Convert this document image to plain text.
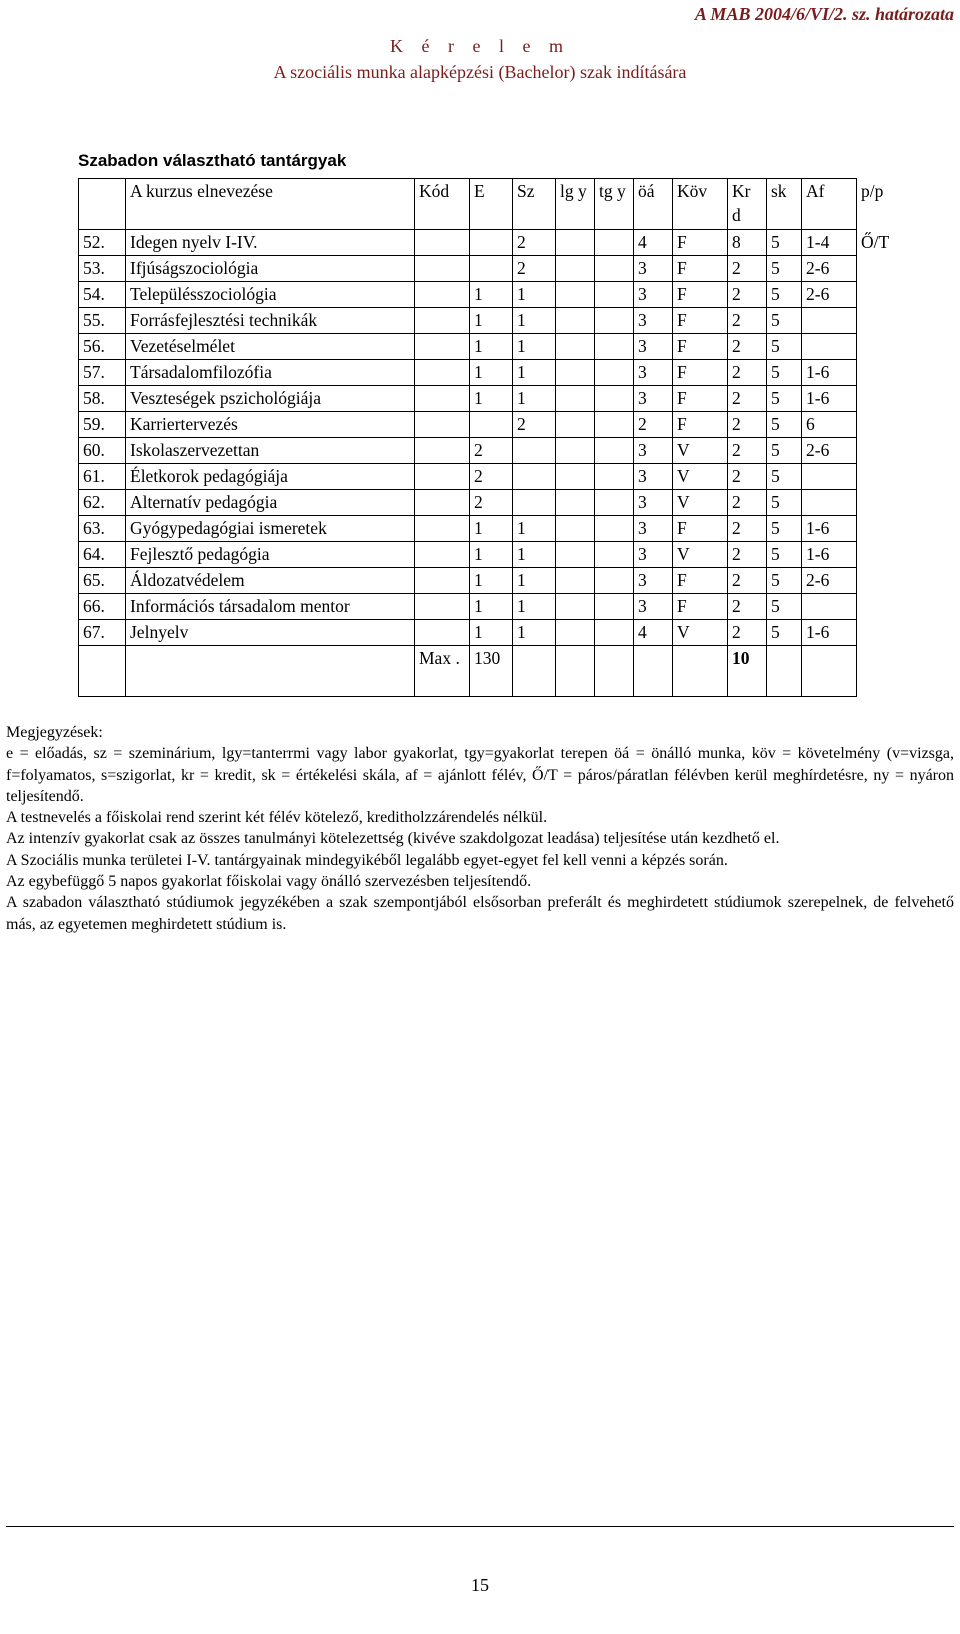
A MAB 2004/6/VI/2. sz. határozata
K é r e l e m
A szociális munka alapképzési (Bachelor) szak indítására
Szabadon választható tantárgyak
	A kurzus elnevezése	Kód	E	Sz	lg y	tg y	öá	Köv	Kr d	sk	Af	p/p
52.	Idegen nyelv I-IV.			2			4	F	8	5	1-4	Ő/T
53.	Ifjúságszociológia			2			3	F	2	5	2-6	
54.	Településszociológia		1	1			3	F	2	5	2-6	
55.	Forrásfejlesztési technikák		1	1			3	F	2	5		
56.	Vezetéselmélet		1	1			3	F	2	5		
57.	Társadalomfilozófia		1	1			3	F	2	5	1-6	
58.	Veszteségek pszichológiája		1	1			3	F	2	5	1-6	
59.	Karriertervezés			2			2	F	2	5	6	
60.	Iskolaszervezettan		2				3	V	2	5	2-6	
61.	Életkorok pedagógiája		2				3	V	2	5		
62.	Alternatív pedagógia		2				3	V	2	5		
63.	Gyógypedagógiai ismeretek		1	1			3	F	2	5	1-6	
64.	Fejlesztő pedagógia		1	1			3	V	2	5	1-6	
65.	Áldozatvédelem		1	1			3	F	2	5	2-6	
66.	Információs társadalom mentor		1	1			3	F	2	5		
67.	Jelnyelv		1	1			4	V	2	5	1-6	
		Max .	130						10			

Megjegyzések:

e = előadás, sz = szeminárium, lgy=tanterrmi vagy labor gyakorlat, tgy=gyakorlat terepen öá = önálló munka, köv = követelmény (v=vizsga, f=folyamatos, s=szigorlat, kr = kredit, sk = értékelési skála, af = ajánlott félév, Ő/T = páros/páratlan félévben kerül meghírdetésre, ny = nyáron teljesítendő.

A testnevelés a főiskolai rend szerint két félév kötelező, kreditholzzárendelés nélkül.

Az intenzív gyakorlat csak az összes tanulmányi kötelezettség (kivéve szakdolgozat leadása) teljesítése után kezdhető el.

A Szociális munka területei I-V. tantárgyainak mindegyikéből legalább egyet-egyet fel kell venni a képzés során.

Az egybefüggő 5 napos gyakorlat főiskolai vagy önálló szervezésben teljesítendő.

A szabadon választható stúdiumok jegyzékében a szak szempontjából elsősorban preferált és meghirdetett stúdiumok szerepelnek, de felvehető más, az egyetemen meghirdetett stúdium is.

15
